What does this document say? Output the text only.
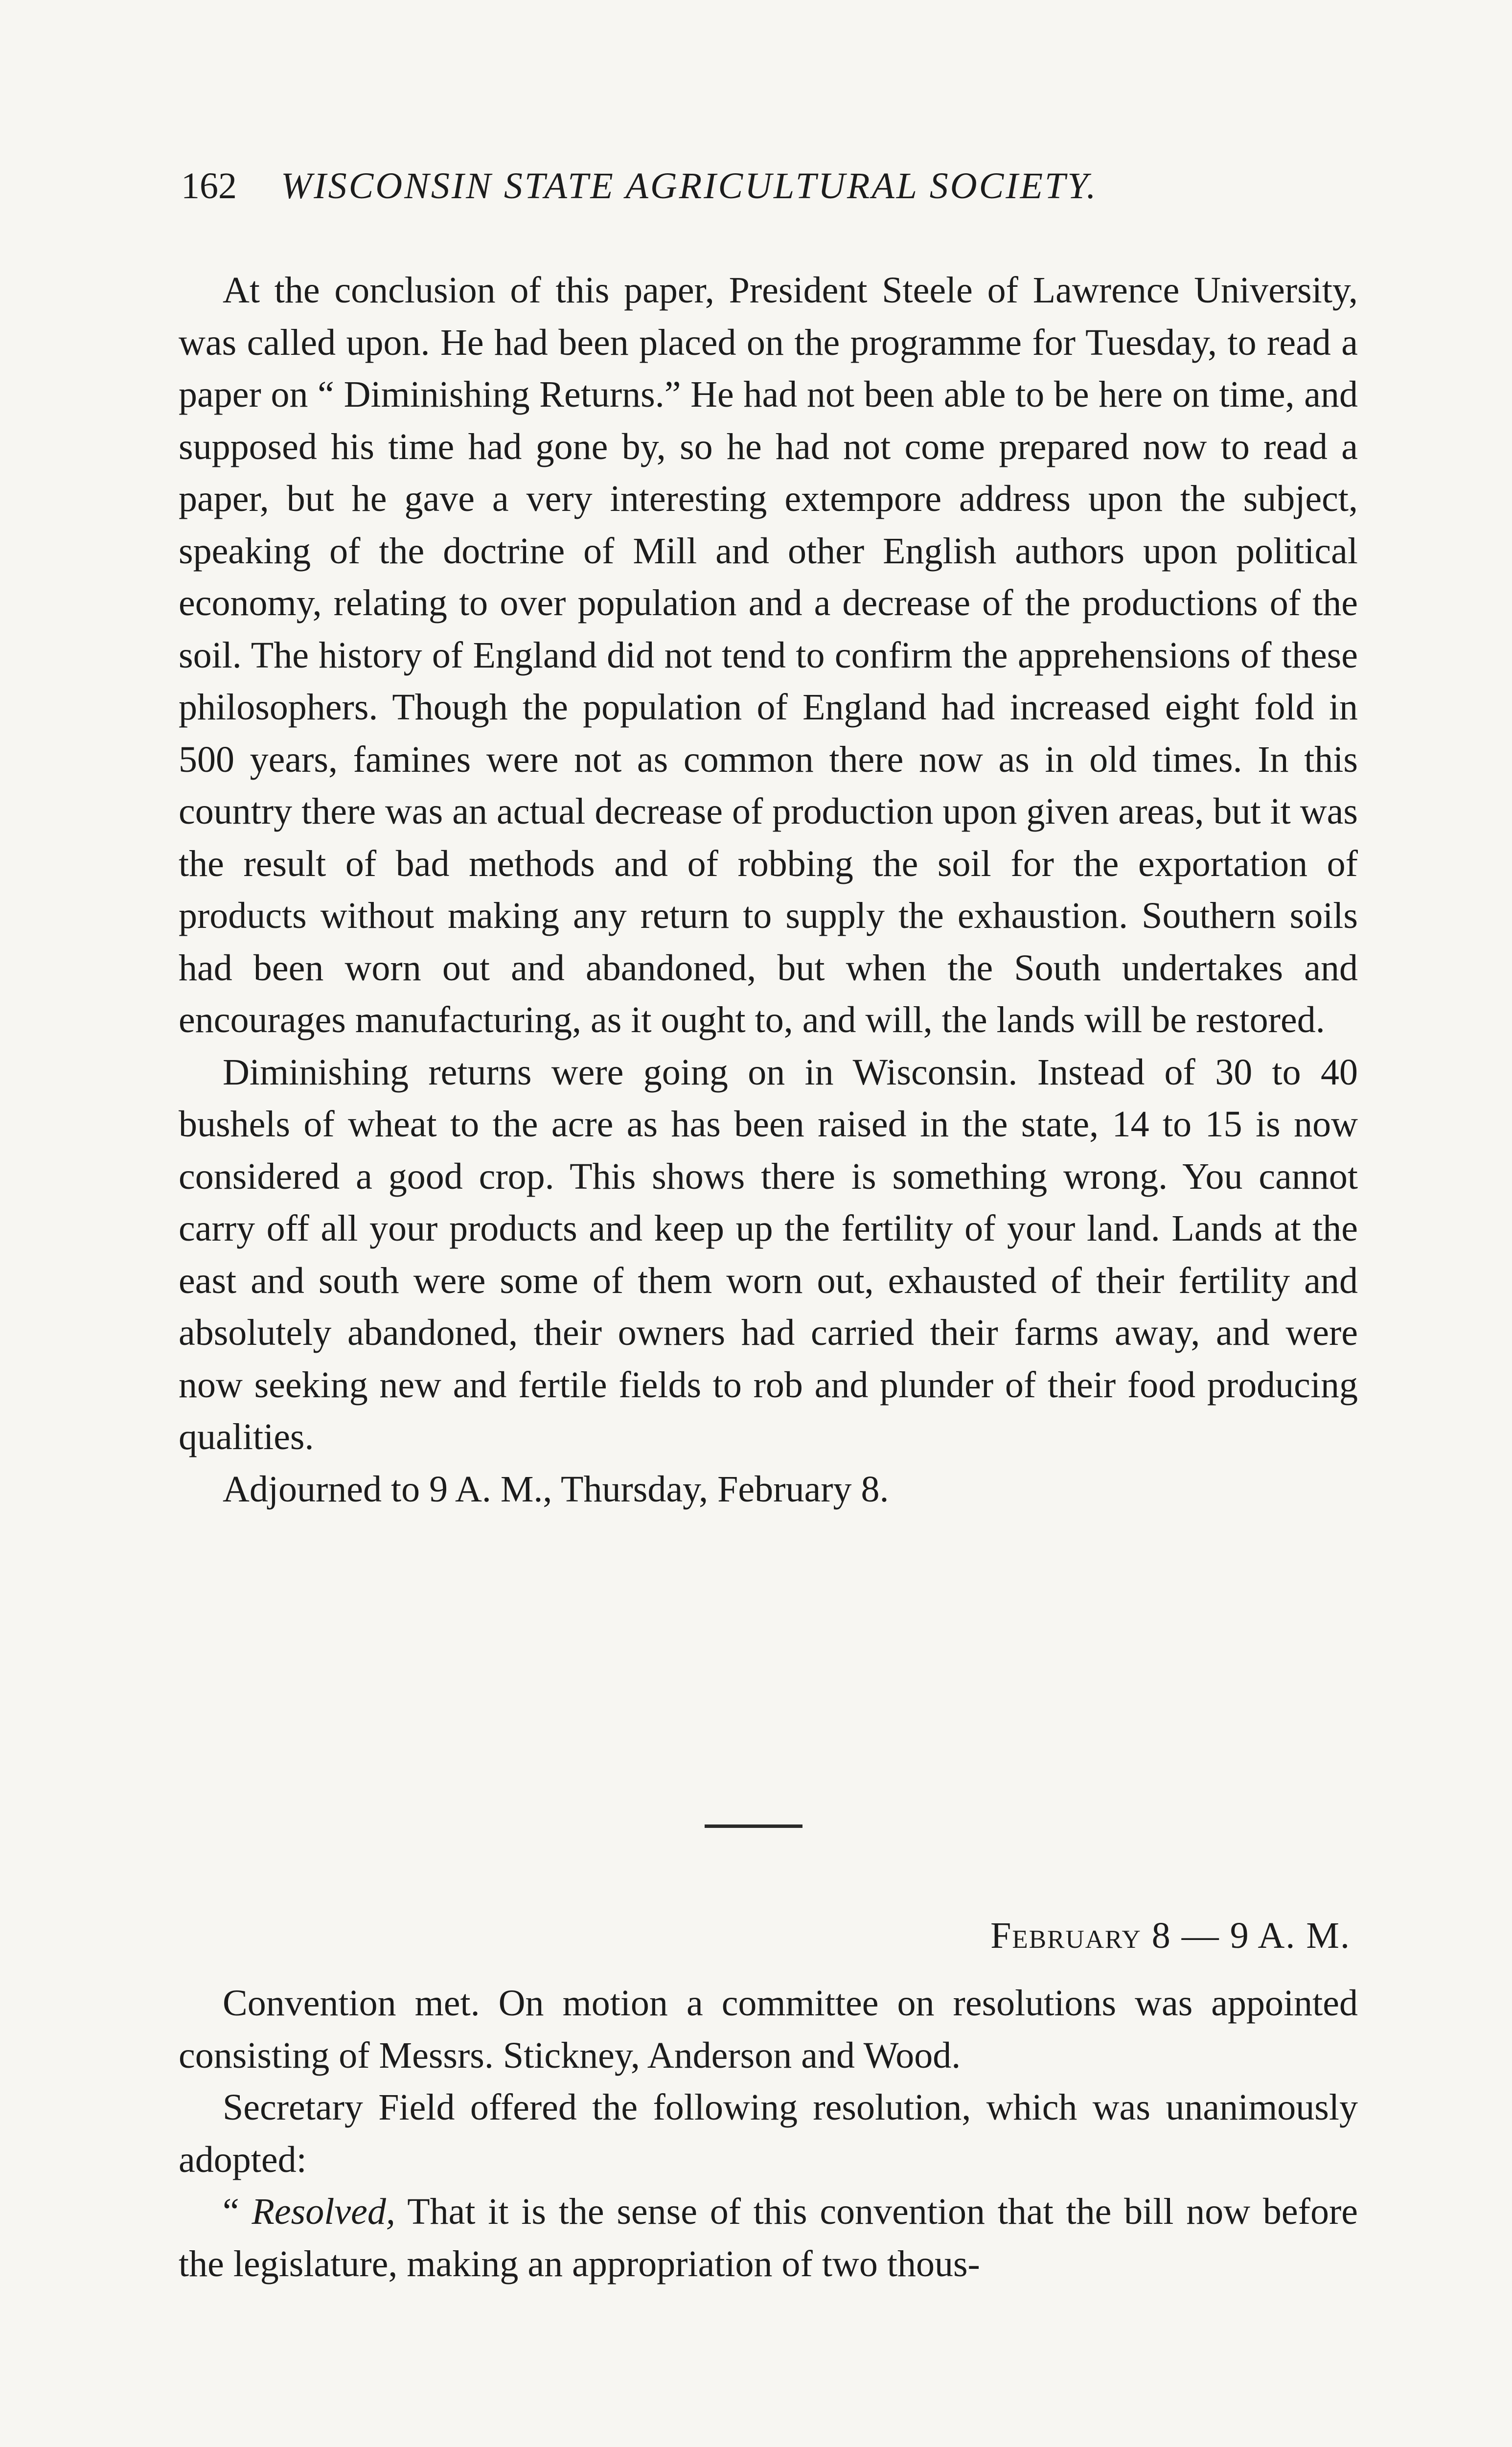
162 WISCONSIN STATE AGRICULTURAL SOCIETY.

At the conclusion of this paper, President Steele of Lawrence University, was called upon. He had been placed on the programme for Tuesday, to read a paper on “ Diminishing Returns.” He had not been able to be here on time, and supposed his time had gone by, so he had not come prepared now to read a paper, but he gave a very interesting extempore address upon the subject, speaking of the doctrine of Mill and other English authors upon political economy, relating to over population and a decrease of the productions of the soil. The history of England did not tend to confirm the apprehensions of these philosophers. Though the population of England had increased eight fold in 500 years, famines were not as common there now as in old times. In this country there was an actual decrease of production upon given areas, but it was the result of bad methods and of robbing the soil for the exportation of products without making any return to supply the exhaustion. Southern soils had been worn out and abandoned, but when the South undertakes and encourages manufacturing, as it ought to, and will, the lands will be restored.

Diminishing returns were going on in Wisconsin. Instead of 30 to 40 bushels of wheat to the acre as has been raised in the state, 14 to 15 is now considered a good crop. This shows there is something wrong. You cannot carry off all your products and keep up the fertility of your land. Lands at the east and south were some of them worn out, exhausted of their fertility and absolutely abandoned, their owners had carried their farms away, and were now seeking new and fertile fields to rob and plunder of their food producing qualities.

Adjourned to 9 A. M., Thursday, February 8.

February 8 — 9 A. M.

Convention met. On motion a committee on resolutions was appointed consisting of Messrs. Stickney, Anderson and Wood.

Secretary Field offered the following resolution, which was unanimously adopted:

“ Resolved, That it is the sense of this convention that the bill now before the legislature, making an appropriation of two thous-
